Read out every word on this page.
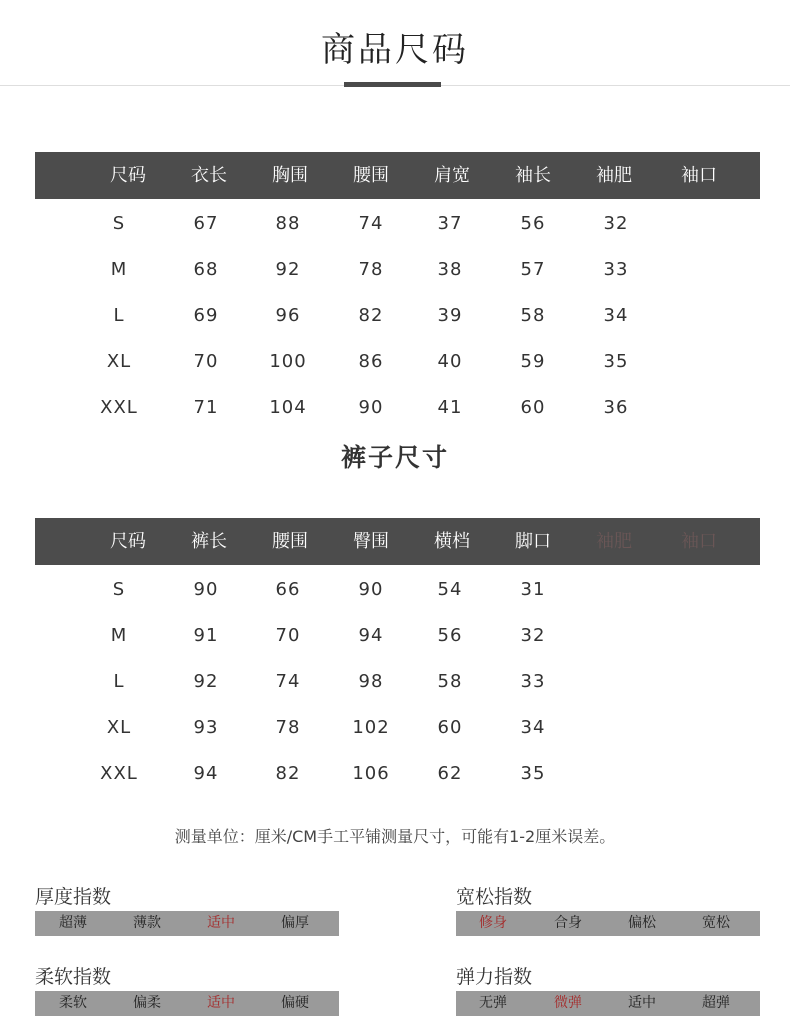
商品尺码
尺码	衣长	胸围	腰围	肩宽	袖长	袖肥	袖口
S	67	88	74	37	56	32
M	68	92	78	38	57	33
L	69	96	82	39	58	34
XL	70	100	86	40	59	35
XXL	71	104	90	41	60	36
裤子尺寸
尺码	裤长	腰围	臀围	横档	脚口	袖肥	袖口
S	90	66	90	54	31
M	91	70	94	56	32
L	92	74	98	58	33
XL	93	78	102	60	34
XXL	94	82	106	62	35
测量单位：厘米/CM手工平铺测量尺寸，可能有1-2厘米误差。
厚度指数
超薄	薄款	适中	偏厚
宽松指数
修身	合身	偏松	宽松
柔软指数
柔软	偏柔	适中	偏硬
弹力指数
无弹	微弹	适中	超弹
